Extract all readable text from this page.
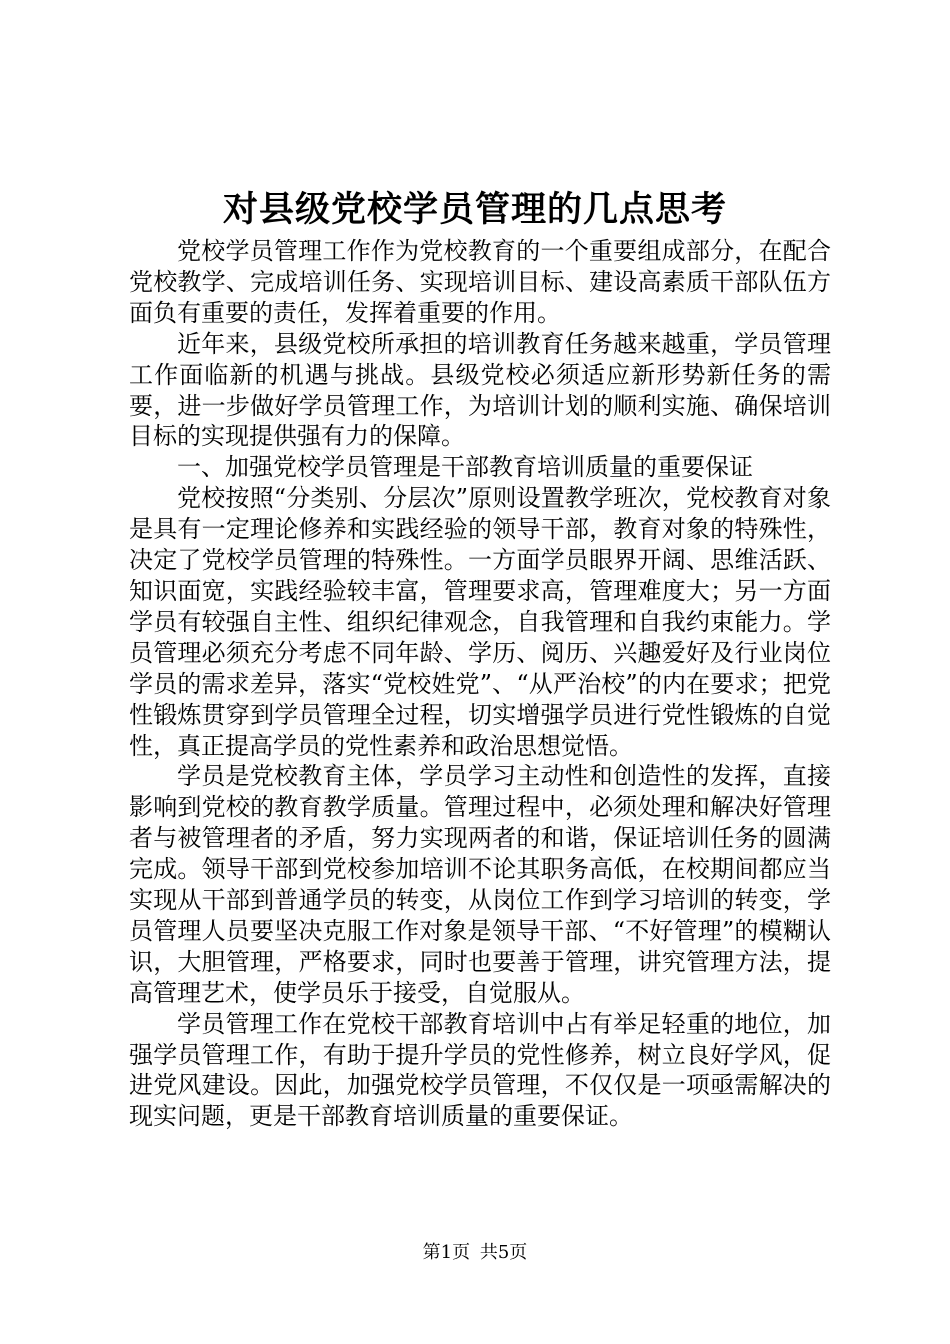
对县级党校学员管理的几点思考

党校学员管理工作作为党校教育的一个重要组成部分，在配合党校教学、完成培训任务、实现培训目标、建设高素质干部队伍方面负有重要的责任，发挥着重要的作用。

近年来，县级党校所承担的培训教育任务越来越重，学员管理工作面临新的机遇与挑战。县级党校必须适应新形势新任务的需要，进一步做好学员管理工作，为培训计划的顺利实施、确保培训目标的实现提供强有力的保障。

一、加强党校学员管理是干部教育培训质量的重要保证

党校按照“分类别、分层次”原则设置教学班次，党校教育对象是具有一定理论修养和实践经验的领导干部，教育对象的特殊性，决定了党校学员管理的特殊性。一方面学员眼界开阔、思维活跃、知识面宽，实践经验较丰富，管理要求高，管理难度大；另一方面学员有较强自主性、组织纪律观念，自我管理和自我约束能力。学员管理必须充分考虑不同年龄、学历、阅历、兴趣爱好及行业岗位学员的需求差异，落实“党校姓党”、“从严治校”的内在要求；把党性锻炼贯穿到学员管理全过程，切实增强学员进行党性锻炼的自觉性，真正提高学员的党性素养和政治思想觉悟。

学员是党校教育主体，学员学习主动性和创造性的发挥，直接影响到党校的教育教学质量。管理过程中，必须处理和解决好管理者与被管理者的矛盾，努力实现两者的和谐，保证培训任务的圆满完成。领导干部到党校参加培训不论其职务高低，在校期间都应当实现从干部到普通学员的转变，从岗位工作到学习培训的转变，学员管理人员要坚决克服工作对象是领导干部、“不好管理”的模糊认识，大胆管理，严格要求，同时也要善于管理，讲究管理方法，提高管理艺术，使学员乐于接受，自觉服从。

学员管理工作在党校干部教育培训中占有举足轻重的地位，加强学员管理工作，有助于提升学员的党性修养，树立良好学风，促进党风建设。因此，加强党校学员管理，不仅仅是一项亟需解决的现实问题，更是干部教育培训质量的重要保证。

第1页 共5页
